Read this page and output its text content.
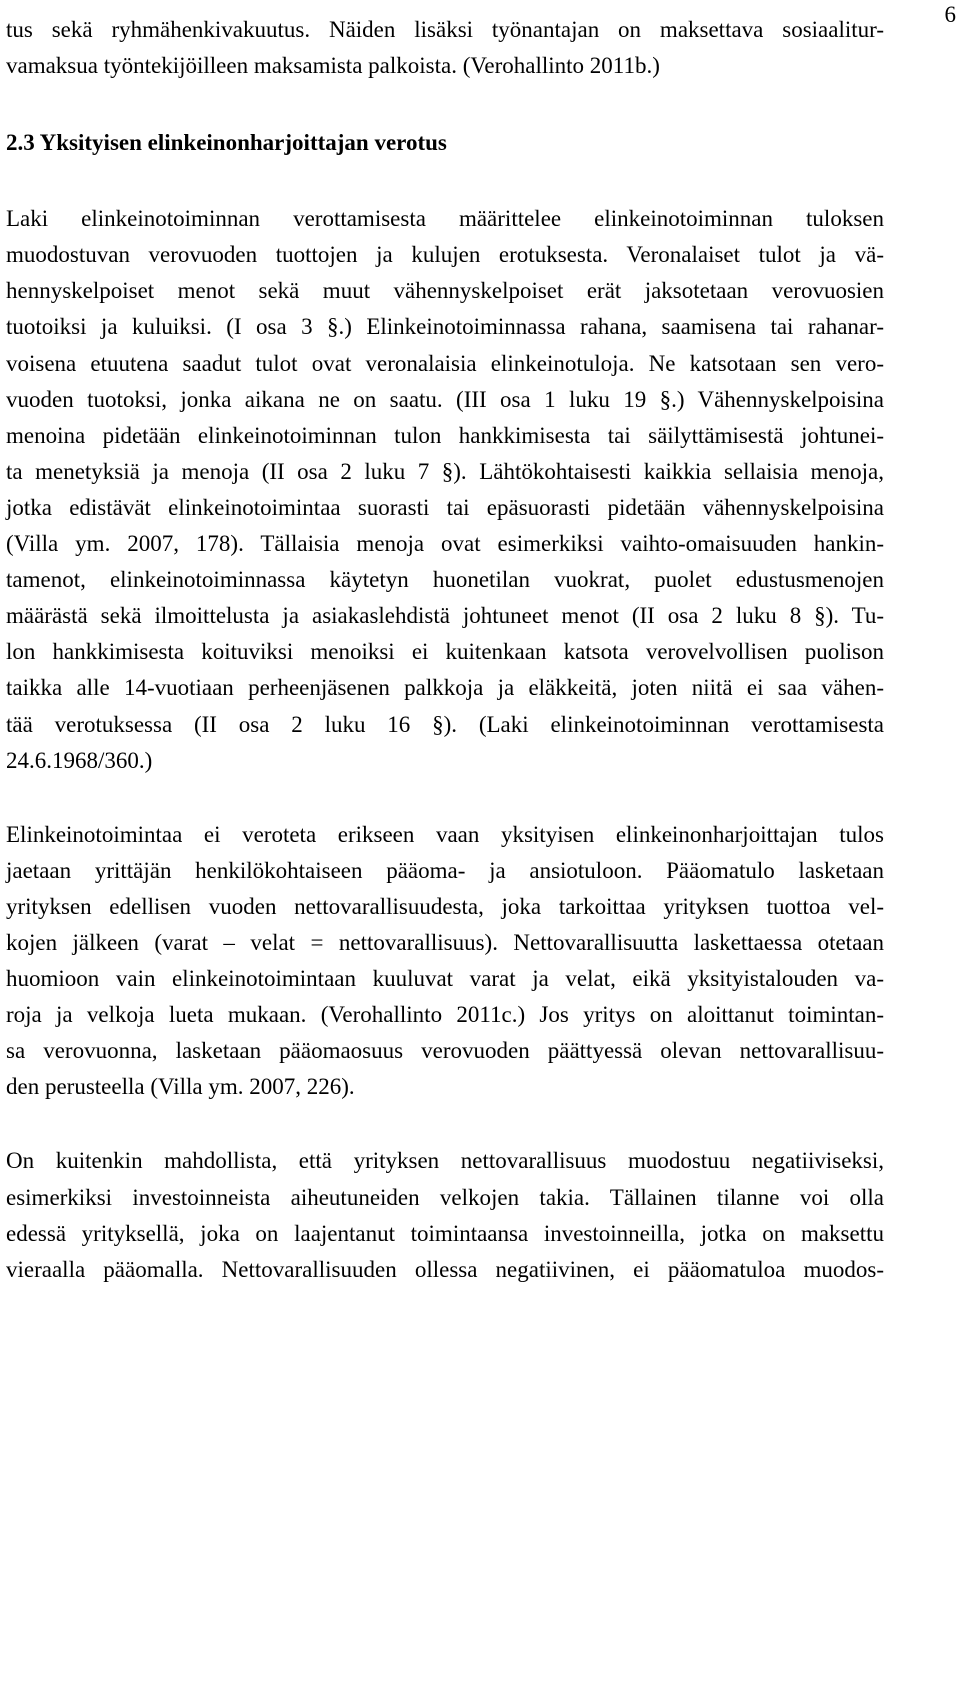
6

tus sekä ryhmähenkivakuutus. Näiden lisäksi työnantajan on maksettava sosiaalitur-
vamaksua työntekijöilleen maksamista palkoista. (Verohallinto 2011b.)

2.3 Yksityisen elinkeinonharjoittajan verotus

Laki elinkeinotoiminnan verottamisesta määrittelee elinkeinotoiminnan tuloksen
muodostuvan verovuoden tuottojen ja kulujen erotuksesta. Veronalaiset tulot ja vä-
hennyskelpoiset menot sekä muut vähennyskelpoiset erät jaksotetaan verovuosien
tuotoiksi ja kuluiksi. (I osa 3 §.) Elinkeinotoiminnassa rahana, saamisena tai rahanar-
voisena etuutena saadut tulot ovat veronalaisia elinkeinotuloja. Ne katsotaan sen vero-
vuoden tuotoksi, jonka aikana ne on saatu. (III osa 1 luku 19 §.) Vähennyskelpoisina
menoina pidetään elinkeinotoiminnan tulon hankkimisesta tai säilyttämisestä johtunei-
ta menetyksiä ja menoja (II osa 2 luku 7 §). Lähtökohtaisesti kaikkia sellaisia menoja,
jotka edistävät elinkeinotoimintaa suorasti tai epäsuorasti pidetään vähennyskelpoisina
(Villa ym. 2007, 178). Tällaisia menoja ovat esimerkiksi vaihto-omaisuuden hankin-
tamenot, elinkeinotoiminnassa käytetyn huonetilan vuokrat, puolet edustusmenojen
määrästä sekä ilmoittelusta ja asiakaslehdistä johtuneet menot (II osa 2 luku 8 §). Tu-
lon hankkimisesta koituviksi menoiksi ei kuitenkaan katsota verovelvollisen puolison
taikka alle 14-vuotiaan perheenjäsenen palkkoja ja eläkkeitä, joten niitä ei saa vähen-
tää verotuksessa (II osa 2 luku 16 §). (Laki elinkeinotoiminnan verottamisesta
24.6.1968/360.)

Elinkeinotoimintaa ei veroteta erikseen vaan yksityisen elinkeinonharjoittajan tulos
jaetaan yrittäjän henkilökohtaiseen pääoma- ja ansiotuloon. Pääomatulo lasketaan
yrityksen edellisen vuoden nettovarallisuudesta, joka tarkoittaa yrityksen tuottoa vel-
kojen jälkeen (varat – velat = nettovarallisuus). Nettovarallisuutta laskettaessa otetaan
huomioon vain elinkeinotoimintaan kuuluvat varat ja velat, eikä yksityistalouden va-
roja ja velkoja lueta mukaan. (Verohallinto 2011c.) Jos yritys on aloittanut toimintan-
sa verovuonna, lasketaan pääomaosuus verovuoden päättyessä olevan nettovarallisuu-
den perusteella (Villa ym. 2007, 226).

On kuitenkin mahdollista, että yrityksen nettovarallisuus muodostuu negatiiviseksi,
esimerkiksi investoinneista aiheutuneiden velkojen takia. Tällainen tilanne voi olla
edessä yrityksellä, joka on laajentanut toimintaansa investoinneilla, jotka on maksettu
vieraalla pääomalla. Nettovarallisuuden ollessa negatiivinen, ei pääomatuloa muodos-
